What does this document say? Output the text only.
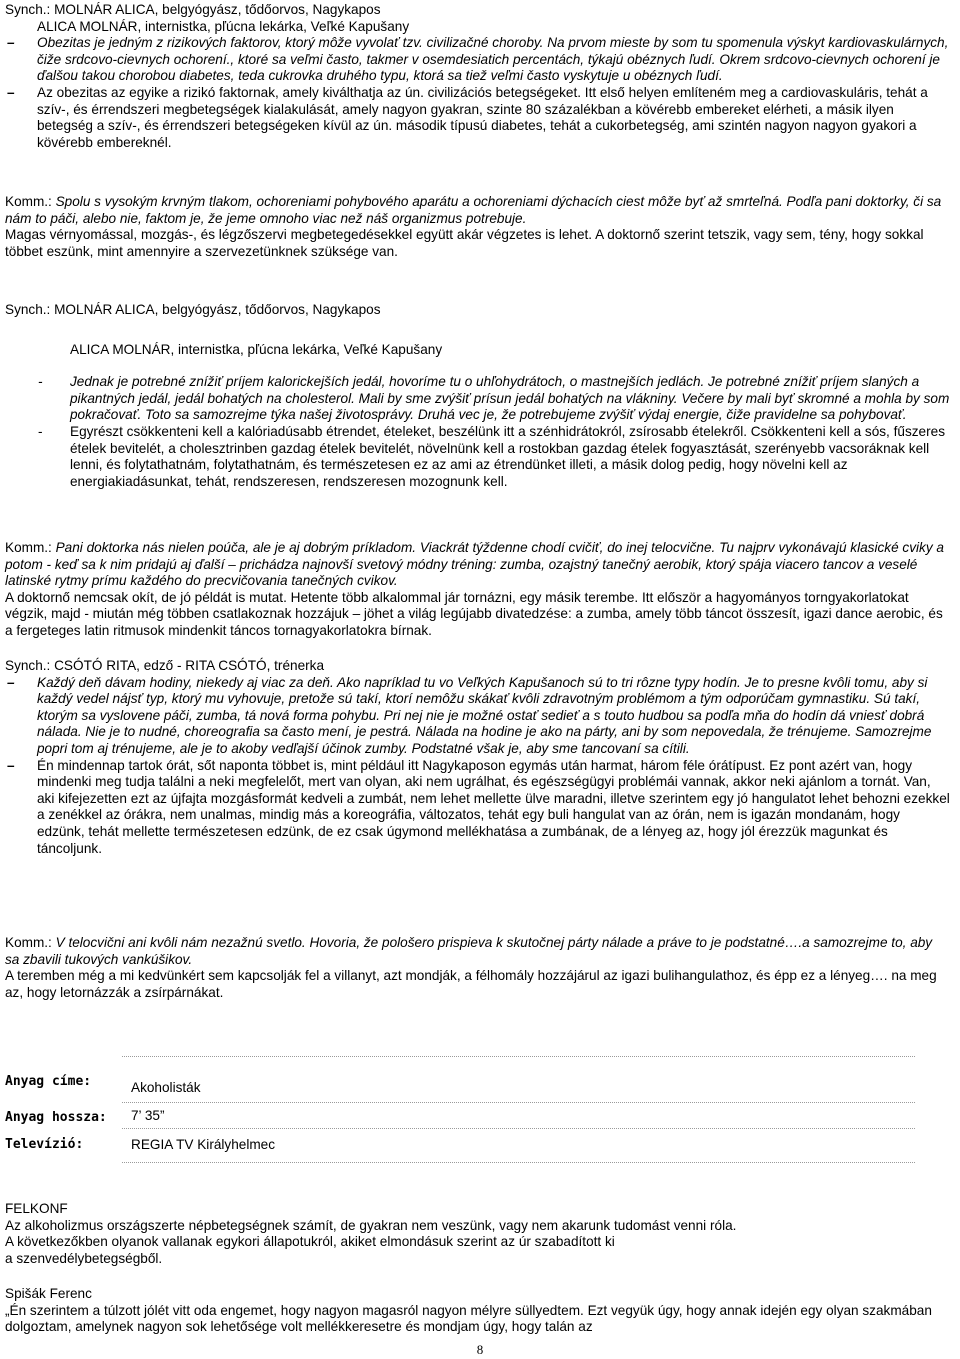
Synch.: MOLNÁR ALICA, belgyógyász, tődőorvos, Nagykapos

ALICA MOLNÁR, internistka, pľúcna lekárka, Veľké Kapušany

– Obezitas je jedným z rizikových faktorov, ktorý môže vyvolať tzv. civilizačné choroby. Na prvom mieste by som tu spomenula výskyt kardiovaskulárnych, čiže srdcovo-cievnych ochorení., ktoré sa veľmi často, takmer v osemdesiatich percentách, týkajú obéznych ľudí. Okrem srdcovo-cievnych ochorení je ďalšou takou chorobou diabetes, teda cukrovka druhého typu, ktorá sa tiež veľmi často vyskytuje u obéznych ľudí.

– Az obezitas az egyike a rizikó faktornak, amely kiválthatja az ún. civilizációs betegségeket. Itt első helyen említeném meg a cardiovaskuláris, tehát a szív-, és érrendszeri megbetegségek kialakulását, amely nagyon gyakran, szinte 80 százalékban a kövérebb embereket elérheti, a másik ilyen betegség a szív-, és érrendszeri betegségeken kívül az ún. második típusú diabetes, tehát a cukorbetegség, ami szintén nagyon nagyon gyakori a kövérebb embereknél.

Komm.: Spolu s vysokým krvným tlakom, ochoreniami pohybového aparátu a ochoreniami dýchacích ciest môže byť až smrteľná. Podľa pani doktorky, či sa nám to páči, alebo nie, faktom je, že jeme omnoho viac než náš organizmus potrebuje.

Magas vérnyomással, mozgás-, és légzőszervi megbetegedésekkel együtt akár végzetes is lehet. A doktornő szerint tetszik, vagy sem, tény, hogy sokkal többet eszünk, mint amennyire a szervezetünknek szüksége van.

Synch.: MOLNÁR ALICA, belgyógyász, tődőorvos, Nagykapos

ALICA MOLNÁR, internistka, pľúcna lekárka, Veľké Kapušany

- Jednak je potrebné znížiť príjem kalorickejších jedál, hovoríme tu o uhľohydrátoch, o mastnejších jedlách. Je potrebné znížiť príjem slaných a pikantných jedál, jedál bohatých na cholesterol. Mali by sme zvýšiť prísun jedál bohatých na vlákniny. Večere by mali byť skromné a mohla by som pokračovať. Toto sa samozrejme týka našej životosprávy. Druhá vec je, že potrebujeme zvýšiť výdaj energie, čiže pravidelne sa pohybovať.

- Egyrészt csökkenteni kell a kalóriadúsabb étrendet, ételeket, beszélünk itt a szénhidrátokról, zsírosabb ételekről. Csökkenteni kell a sós, fűszeres ételek bevitelét, a cholesztrinben gazdag ételek bevitelét, növelnünk kell a rostokban gazdag ételek fogyasztását, szerényebb vacsoráknak kell lenni, és folytathatnám, folytathatnám, és természetesen ez az ami az étrendünket illeti, a másik dolog pedig, hogy növelni kell az energiakiadásunkat, tehát, rendszeresen, rendszeresen mozognunk kell.

Komm.: Pani doktorka nás nielen poúča, ale je aj dobrým príkladom. Viackrát týždenne chodí cvičiť, do inej telocvične. Tu najprv vykonávajú klasické cviky a potom - keď sa k nim pridajú aj ďalší – prichádza najnovší svetový módny tréning: zumba, ozajstný tanečný aerobik, ktorý spája viacero tancov a veselé latinské rytmy prímu každého do precvičovania tanečných cvikov.

A doktornő nemcsak okít, de jó példát is mutat. Hetente több alkalommal jár tornázni, egy másik terembe. Itt először a hagyományos torngyakorlatokat végzik, majd - miután még többen csatlakoznak hozzájuk – jöhet a világ legújabb divatedzése: a zumba, amely több táncot összesít, igazi dance aerobic, és a fergeteges latin ritmusok mindenkit táncos tornagyakorlatokra bírnak.

Synch.: CSÓTÓ RITA, edző - RITA CSÓTÓ, trénerka

– Každý deň dávam hodiny, niekedy aj viac za deň. Ako napríklad tu vo Veľkých Kapušanoch sú to tri rôzne typy hodín. Je to presne kvôli tomu, aby si každý vedel nájsť typ, ktorý mu vyhovuje, pretože sú takí, ktorí nemôžu skákať kvôli zdravotným problémom a tým odporúčam gymnastiku. Sú takí, ktorým sa vyslovene páči, zumba, tá nová forma pohybu. Pri nej nie je možné ostať sedieť a s touto hudbou sa podľa mňa do hodín dá vniesť dobrá nálada. Nie je to nudné, choreografia sa často mení, je pestrá. Nálada na hodine je ako na párty, ani by som nepovedala, že trénujeme. Samozrejme popri tom aj trénujeme, ale je to akoby vedľajší účinok zumby. Podstatné však je, aby sme tancovaní sa cítili.

– Én mindennap tartok órát, sőt naponta többet is, mint például itt Nagykaposon egymás után harmat, három féle órátípust. Ez pont azért van, hogy mindenki meg tudja találni a neki megfelelőt, mert van olyan, aki nem ugrálhat, és egészségügyi problémái vannak, akkor neki ajánlom a tornát. Van, aki kifejezetten ezt az újfajta mozgásformát kedveli a zumbát, nem lehet mellette ülve maradni, illetve szerintem egy jó hangulatot lehet behozni ezekkel a zenékkel az órákra, nem unalmas, mindig más a koreográfia, változatos, tehát egy buli hangulat van az órán, nem is igazán mondanám, hogy edzünk, tehát mellette természetesen edzünk, de ez csak úgymond mellékhatása a zumbának, de a lényeg az, hogy jól érezzük magunkat és táncoljunk.

Komm.: V telocvični ani kvôli nám nezažnú svetlo. Hovoria, že pološero prispieva k skutočnej párty nálade a práve to je podstatné….a samozrejme to, aby sa zbavili tukových vankúšikov.

A teremben még a mi kedvünkért sem kapcsolják fel a villanyt, azt mondják, a félhomály hozzájárul az igazi bulihangulathoz, és épp ez a lényeg…. na meg az, hogy letornázzák a zsírpárnákat.

Anyag címe:	Akoholisták
Anyag hossza: 7’ 35”
Televízió:	REGIA TV Királyhelmec

FELKONF

Az alkoholizmus országszerte népbetegségnek számít, de gyakran nem veszünk, vagy nem akarunk tudomást venni róla.

A következőkben olyanok vallanak egykori állapotukról, akiket elmondásuk szerint az úr szabadított ki

a szenvedélybetegségből.

Spišák Ferenc

„Én szerintem a túlzott jólét vitt oda engemet, hogy nagyon magasról nagyon mélyre süllyedtem. Ezt vegyük úgy, hogy annak idején egy olyan szakmában dolgoztam, amelynek nagyon sok lehetősége volt mellékkeresetre és mondjam úgy, hogy talán az

8
